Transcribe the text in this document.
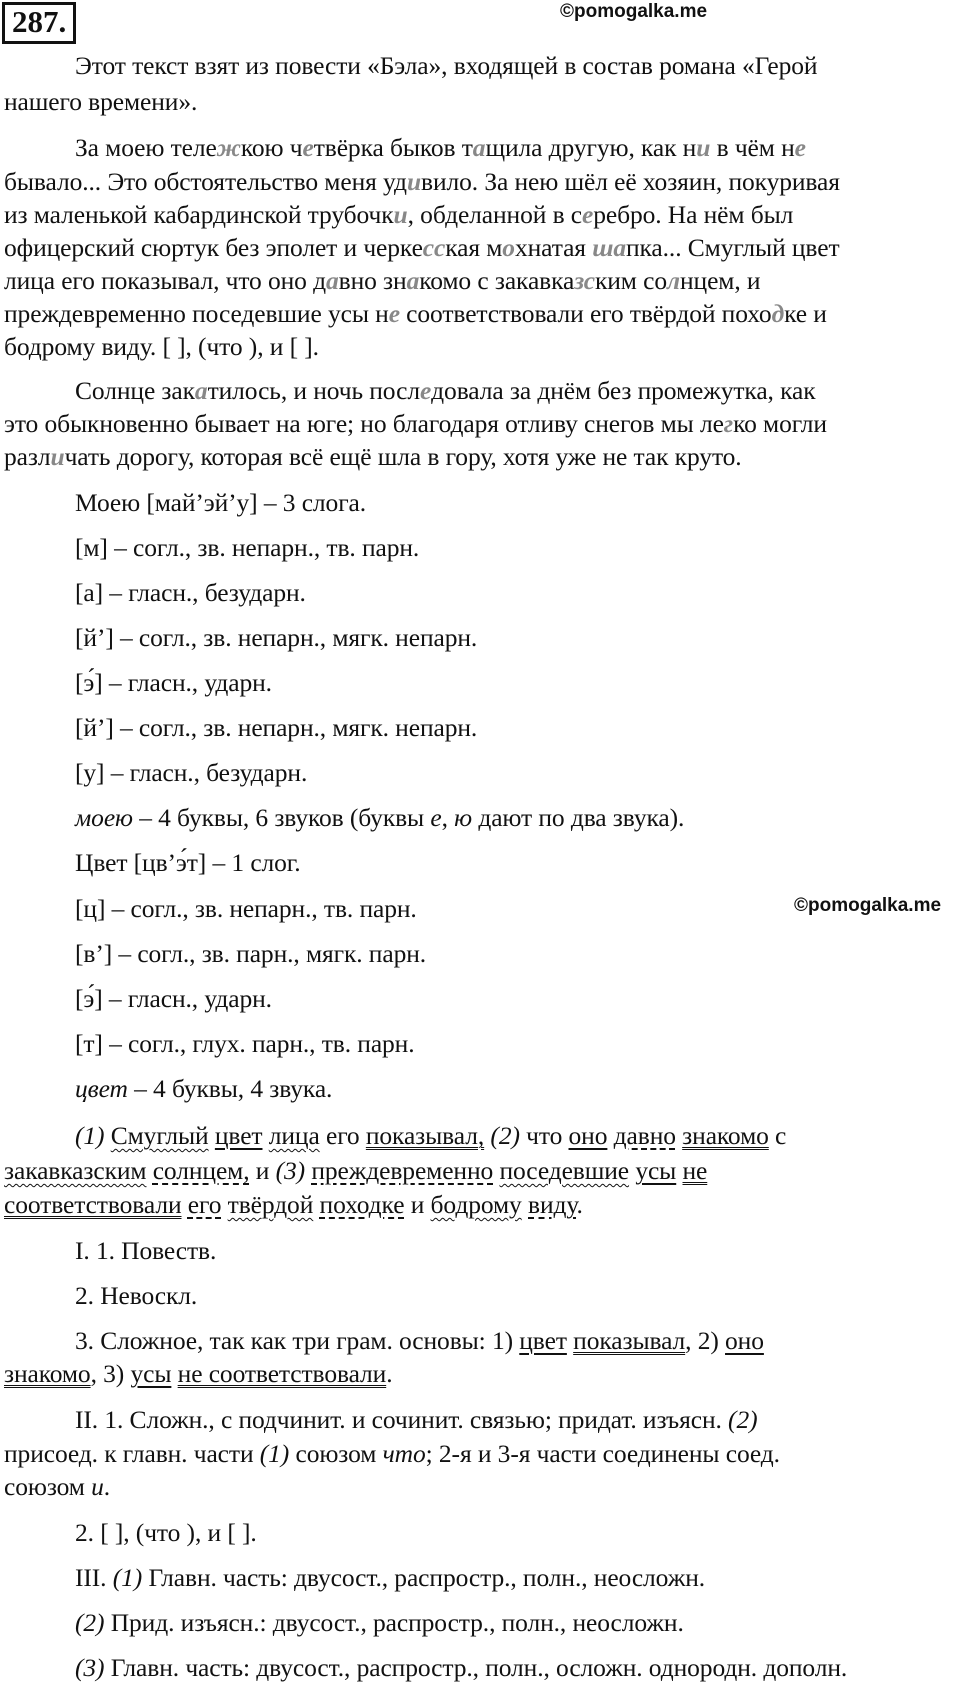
287.	©pomogalka.me
Этот текст взят из повести «Бэла», входящей в состав романа «Герой
нашего времени».
За моею тележкою четвёрка быков тащила другую, как ни в чём не
бывало... Это обстоятельство меня удивило. За нею шёл её хозяин, покуривая
из маленькой кабардинской трубочки, обделанной в серебро. На нём был
офицерский сюртук без эполет и черкесская мохнатая шапка... Смуглый цвет
лица его показывал, что оно давно знакомо с закавказским солнцем, и
преждевременно поседевшие усы не соответствовали его твёрдой походке и
бодрому виду. [ ], (что ), и [ ].
Солнце закатилось, и ночь последовала за днём без промежутка, как
это обыкновенно бывает на юге; но благодаря отливу снегов мы легко могли
различать дорогу, которая всё ещё шла в гору, хотя уже не так круто.
Моею [май’эй’у] – 3 слога.
[м] – согл., зв. непарн., тв. парн.
[а] – гласн., безударн.
[й’] – согл., зв. непарн., мягк. непарн.
[э́] – гласн., ударн.
[й’] – согл., зв. непарн., мягк. непарн.
[у] – гласн., безударн.
моею – 4 буквы, 6 звуков (буквы е, ю дают по два звука).
Цвет [цв’э́т] – 1 слог.
©pomogalka.me
[ц] – согл., зв. непарн., тв. парн.
[в’] – согл., зв. парн., мягк. парн.
[э́] – гласн., ударн.
[т] – согл., глух. парн., тв. парн.
цвет – 4 буквы, 4 звука.
(1) Смуглый цвет лица его показывал, (2) что оно давно знакомо с
закавказским солнцем, и (3) преждевременно поседевшие усы не
соответствовали его твёрдой походке и бодрому виду.
I. 1. Повеств.
2. Невоскл.
3. Сложное, так как три грам. основы: 1) цвет показывал, 2) оно
знакомо, 3) усы не соответствовали.
II. 1. Сложн., с подчинит. и сочинит. связью; придат. изъясн. (2)
присоед. к главн. части (1) союзом что; 2-я и 3-я части соединены соед.
союзом и.
2. [ ], (что ), и [ ].
III. (1) Главн. часть: двусост., распростр., полн., неосложн.
(2) Прид. изъясн.: двусост., распростр., полн., неосложн.
(3) Главн. часть: двусост., распростр., полн., осложн. однородн. дополн.
